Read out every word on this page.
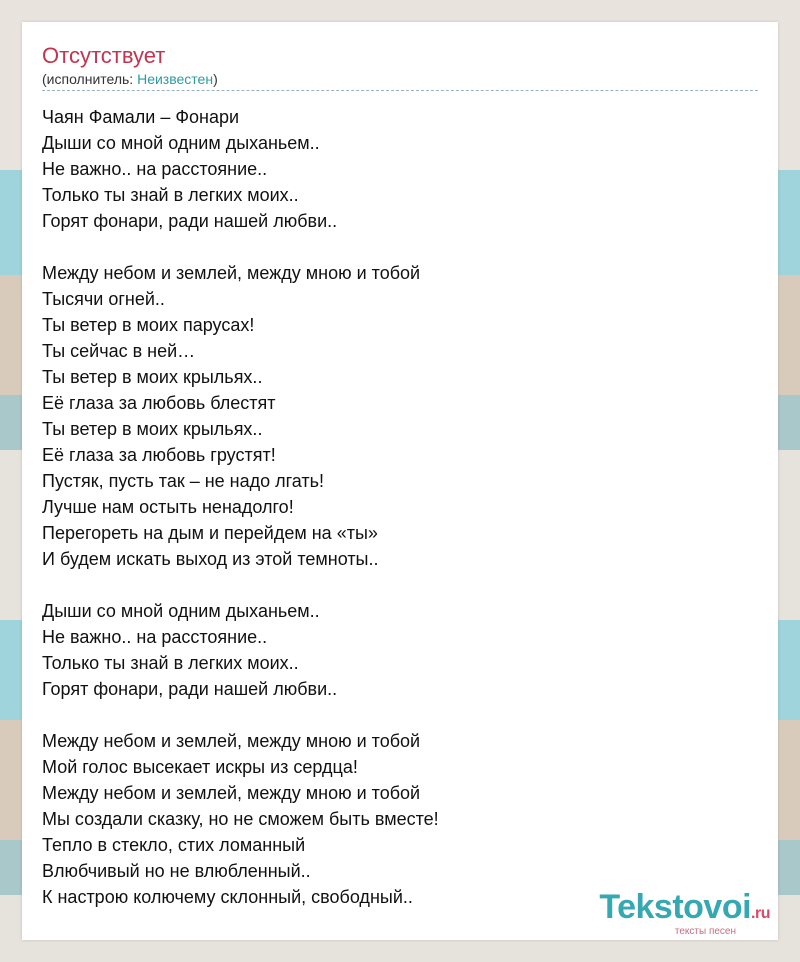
Отсутствует
(исполнитель: Неизвестен)
Чаян Фамали – Фонари
Дыши со мной одним дыханьем..
Не важно.. на расстояние..
Только ты знай в легких моих..
Горят фонари, ради нашей любви..
Между небом и землей, между мною и тобой
Тысячи огней..
Ты ветер в моих парусах!
Ты сейчас в ней…
Ты ветер в моих крыльях..
Её глаза за любовь блестят
Ты ветер в моих крыльях..
Её глаза за любовь грустят!
Пустяк, пусть так – не надо лгать!
Лучше нам остыть ненадолго!
Перегореть на дым и перейдем на «ты»
И будем искать выход из этой темноты..
Дыши со мной одним дыханьем..
Не важно.. на расстояние..
Только ты знай в легких моих..
Горят фонари, ради нашей любви..
Между небом и землей, между мною и тобой
Мой голос высекает искры из сердца!
Между небом и землей, между мною и тобой
Мы создали сказку, но не сможем быть вместе!
Тепло в стекло, стих ломанный
Влюбчивый но не влюбленный..
К настрою колючему склонный, свободный..	Tekstovoi.ru
тексты песен
